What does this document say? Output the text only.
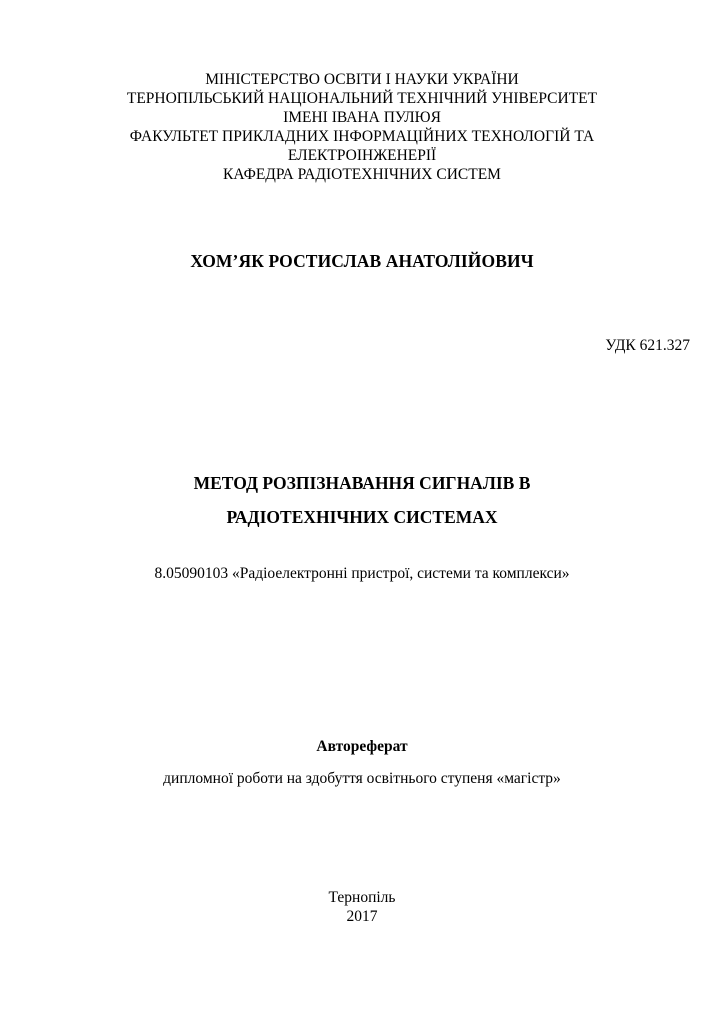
МІНІСТЕРСТВО ОСВІТИ І НАУКИ УКРАЇНИ
ТЕРНОПІЛЬСЬКИЙ НАЦІОНАЛЬНИЙ ТЕХНІЧНИЙ УНІВЕРСИТЕТ
ІМЕНІ ІВАНА ПУЛЮЯ
ФАКУЛЬТЕТ ПРИКЛАДНИХ ІНФОРМАЦІЙНИХ ТЕХНОЛОГІЙ ТА
ЕЛЕКТРОІНЖЕНЕРІЇ
КАФЕДРА РАДІОТЕХНІЧНИХ СИСТЕМ
ХОМ’ЯК РОСТИСЛАВ АНАТОЛІЙОВИЧ
УДК 621.327
МЕТОД РОЗПІЗНАВАННЯ СИГНАЛІВ В
РАДІОТЕХНІЧНИХ СИСТЕМАХ
8.05090103 «Радіоелектронні пристрої, системи та комплекси»
Автореферат
дипломної роботи на здобуття освітнього ступеня «магістр»
Тернопіль
2017
